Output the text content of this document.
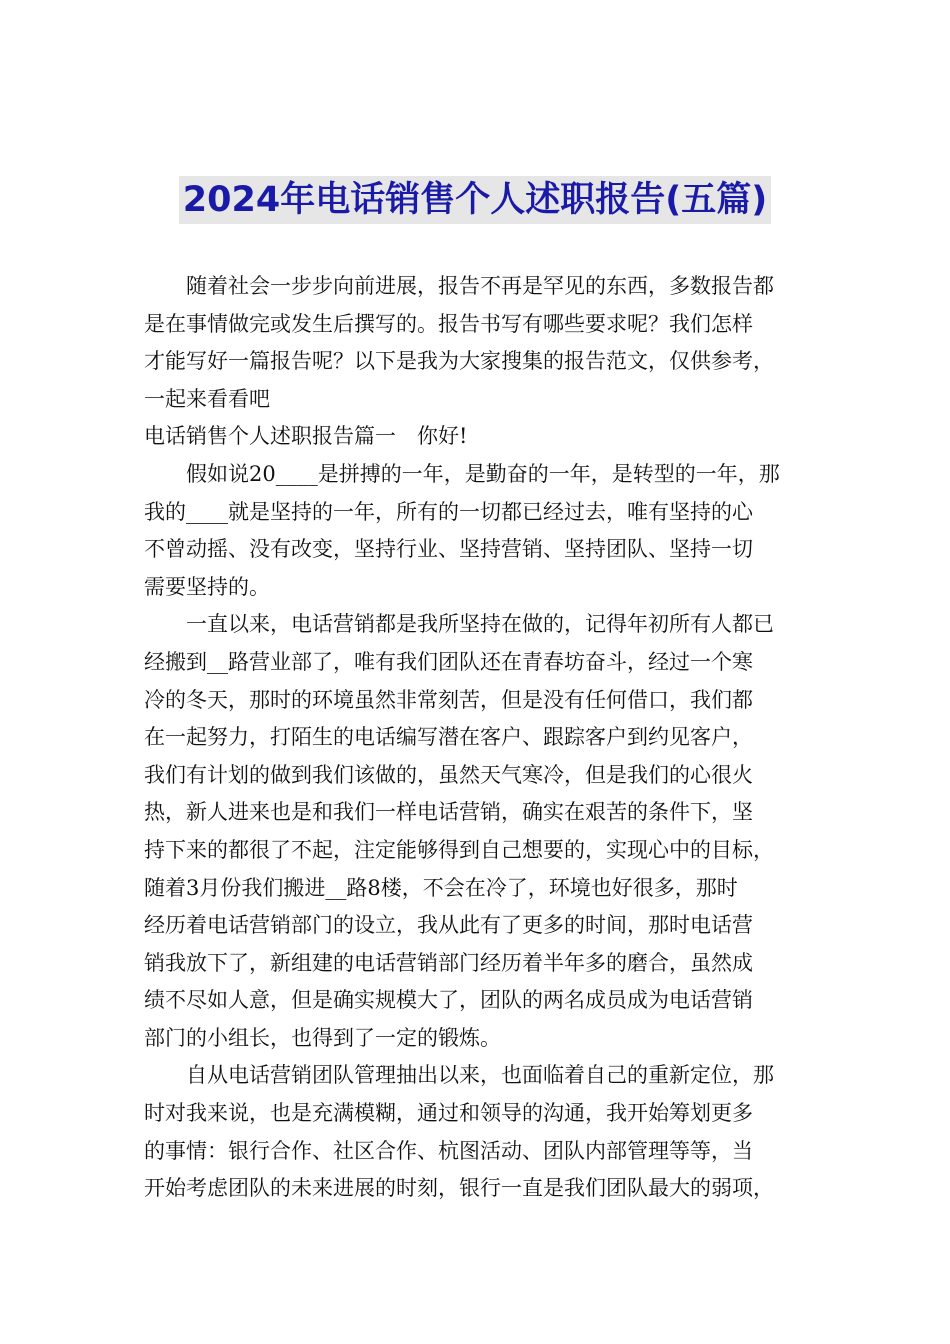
2024年电话销售个人述职报告(五篇)
随着社会一步步向前进展，报告不再是罕见的东西，多数报告都
是在事情做完或发生后撰写的。报告书写有哪些要求呢？我们怎样
才能写好一篇报告呢？以下是我为大家搜集的报告范文，仅供参考，
一起来看看吧
电话销售个人述职报告篇一　你好!
假如说20____是拼搏的一年，是勤奋的一年，是转型的一年，那
我的____就是坚持的一年，所有的一切都已经过去，唯有坚持的心
不曾动摇、没有改变，坚持行业、坚持营销、坚持团队、坚持一切
需要坚持的。
一直以来，电话营销都是我所坚持在做的，记得年初所有人都已
经搬到__路营业部了，唯有我们团队还在青春坊奋斗，经过一个寒
冷的冬天，那时的环境虽然非常刻苦，但是没有任何借口，我们都
在一起努力，打陌生的电话编写潜在客户、跟踪客户到约见客户，
我们有计划的做到我们该做的，虽然天气寒冷，但是我们的心很火
热，新人进来也是和我们一样电话营销，确实在艰苦的条件下，坚
持下来的都很了不起，注定能够得到自己想要的，实现心中的目标，
随着3月份我们搬进__路8楼，不会在冷了，环境也好很多，那时
经历着电话营销部门的设立，我从此有了更多的时间，那时电话营
销我放下了，新组建的电话营销部门经历着半年多的磨合，虽然成
绩不尽如人意，但是确实规模大了，团队的两名成员成为电话营销
部门的小组长，也得到了一定的锻炼。
自从电话营销团队管理抽出以来，也面临着自己的重新定位，那
时对我来说，也是充满模糊，通过和领导的沟通，我开始筹划更多
的事情：银行合作、社区合作、杭图活动、团队内部管理等等，当
开始考虑团队的未来进展的时刻，银行一直是我们团队最大的弱项，
